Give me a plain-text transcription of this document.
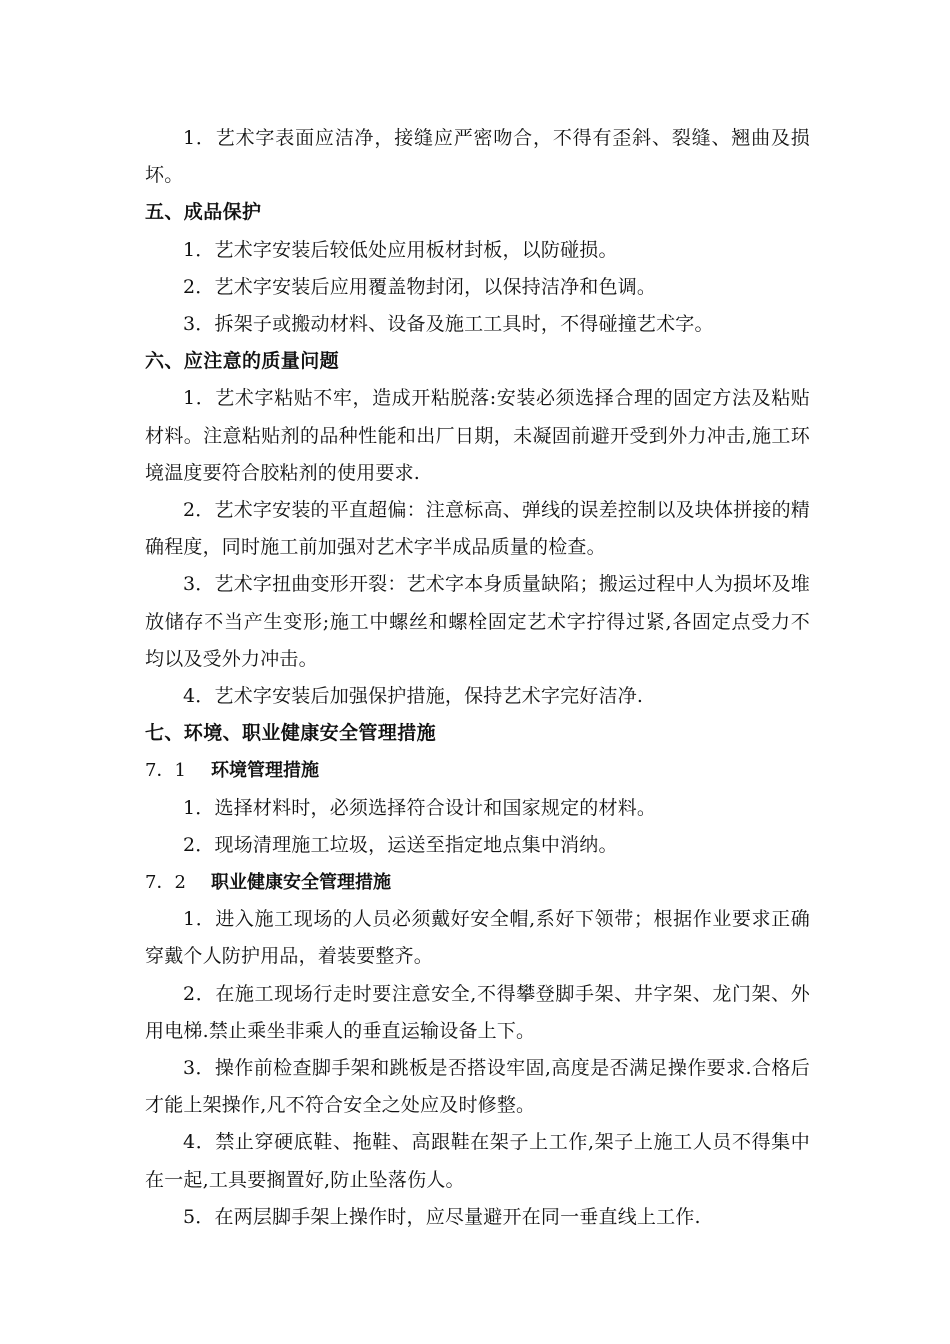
1．艺术字表面应洁净，接缝应严密吻合，不得有歪斜、裂缝、翘曲及损坏。

五、成品保护

1．艺术字安装后较低处应用板材封板，以防碰损。

2．艺术字安装后应用覆盖物封闭，以保持洁净和色调。

3．拆架子或搬动材料、设备及施工工具时，不得碰撞艺术字。

六、应注意的质量问题

1．艺术字粘贴不牢，造成开粘脱落:安装必须选择合理的固定方法及粘贴材料。注意粘贴剂的品种性能和出厂日期，未凝固前避开受到外力冲击,施工环境温度要符合胶粘剂的使用要求.

2．艺术字安装的平直超偏：注意标高、弹线的误差控制以及块体拼接的精确程度，同时施工前加强对艺术字半成品质量的检查。

3．艺术字扭曲变形开裂：艺术字本身质量缺陷；搬运过程中人为损坏及堆放储存不当产生变形;施工中螺丝和螺栓固定艺术字拧得过紧,各固定点受力不均以及受外力冲击。

4．艺术字安装后加强保护措施，保持艺术字完好洁净.

七、环境、职业健康安全管理措施

7．1 环境管理措施

1．选择材料时，必须选择符合设计和国家规定的材料。

2．现场清理施工垃圾，运送至指定地点集中消纳。

7．2 职业健康安全管理措施

1．进入施工现场的人员必须戴好安全帽,系好下领带；根据作业要求正确穿戴个人防护用品，着装要整齐。

2．在施工现场行走时要注意安全,不得攀登脚手架、井字架、龙门架、外用电梯.禁止乘坐非乘人的垂直运输设备上下。

3．操作前检查脚手架和跳板是否搭设牢固,高度是否满足操作要求.合格后才能上架操作,凡不符合安全之处应及时修整。

4．禁止穿硬底鞋、拖鞋、高跟鞋在架子上工作,架子上施工人员不得集中在一起,工具要搁置好,防止坠落伤人。

5．在两层脚手架上操作时，应尽量避开在同一垂直线上工作.
